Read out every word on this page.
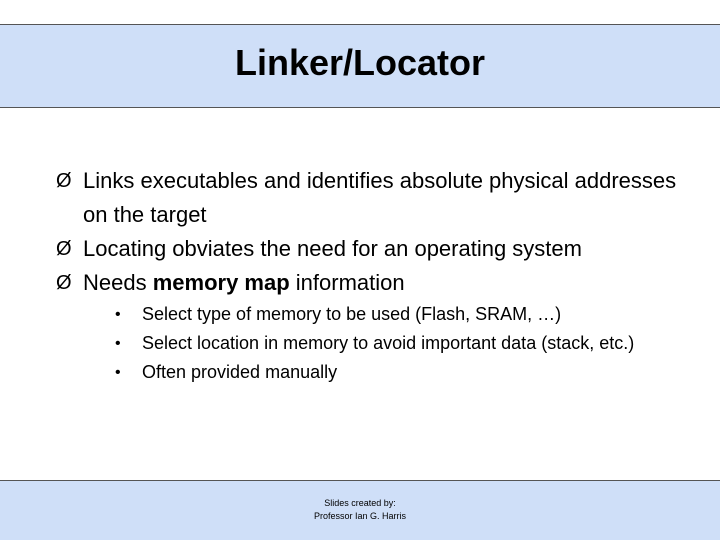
Linker/Locator
Ø Links executables and identifies absolute physical addresses on the target
Ø Locating obviates the need for an operating system
Ø Needs memory map information
• Select type of memory to be used (Flash, SRAM, …)
• Select location in memory to avoid important data (stack, etc.)
• Often provided manually
Slides created by:
Professor Ian G. Harris
